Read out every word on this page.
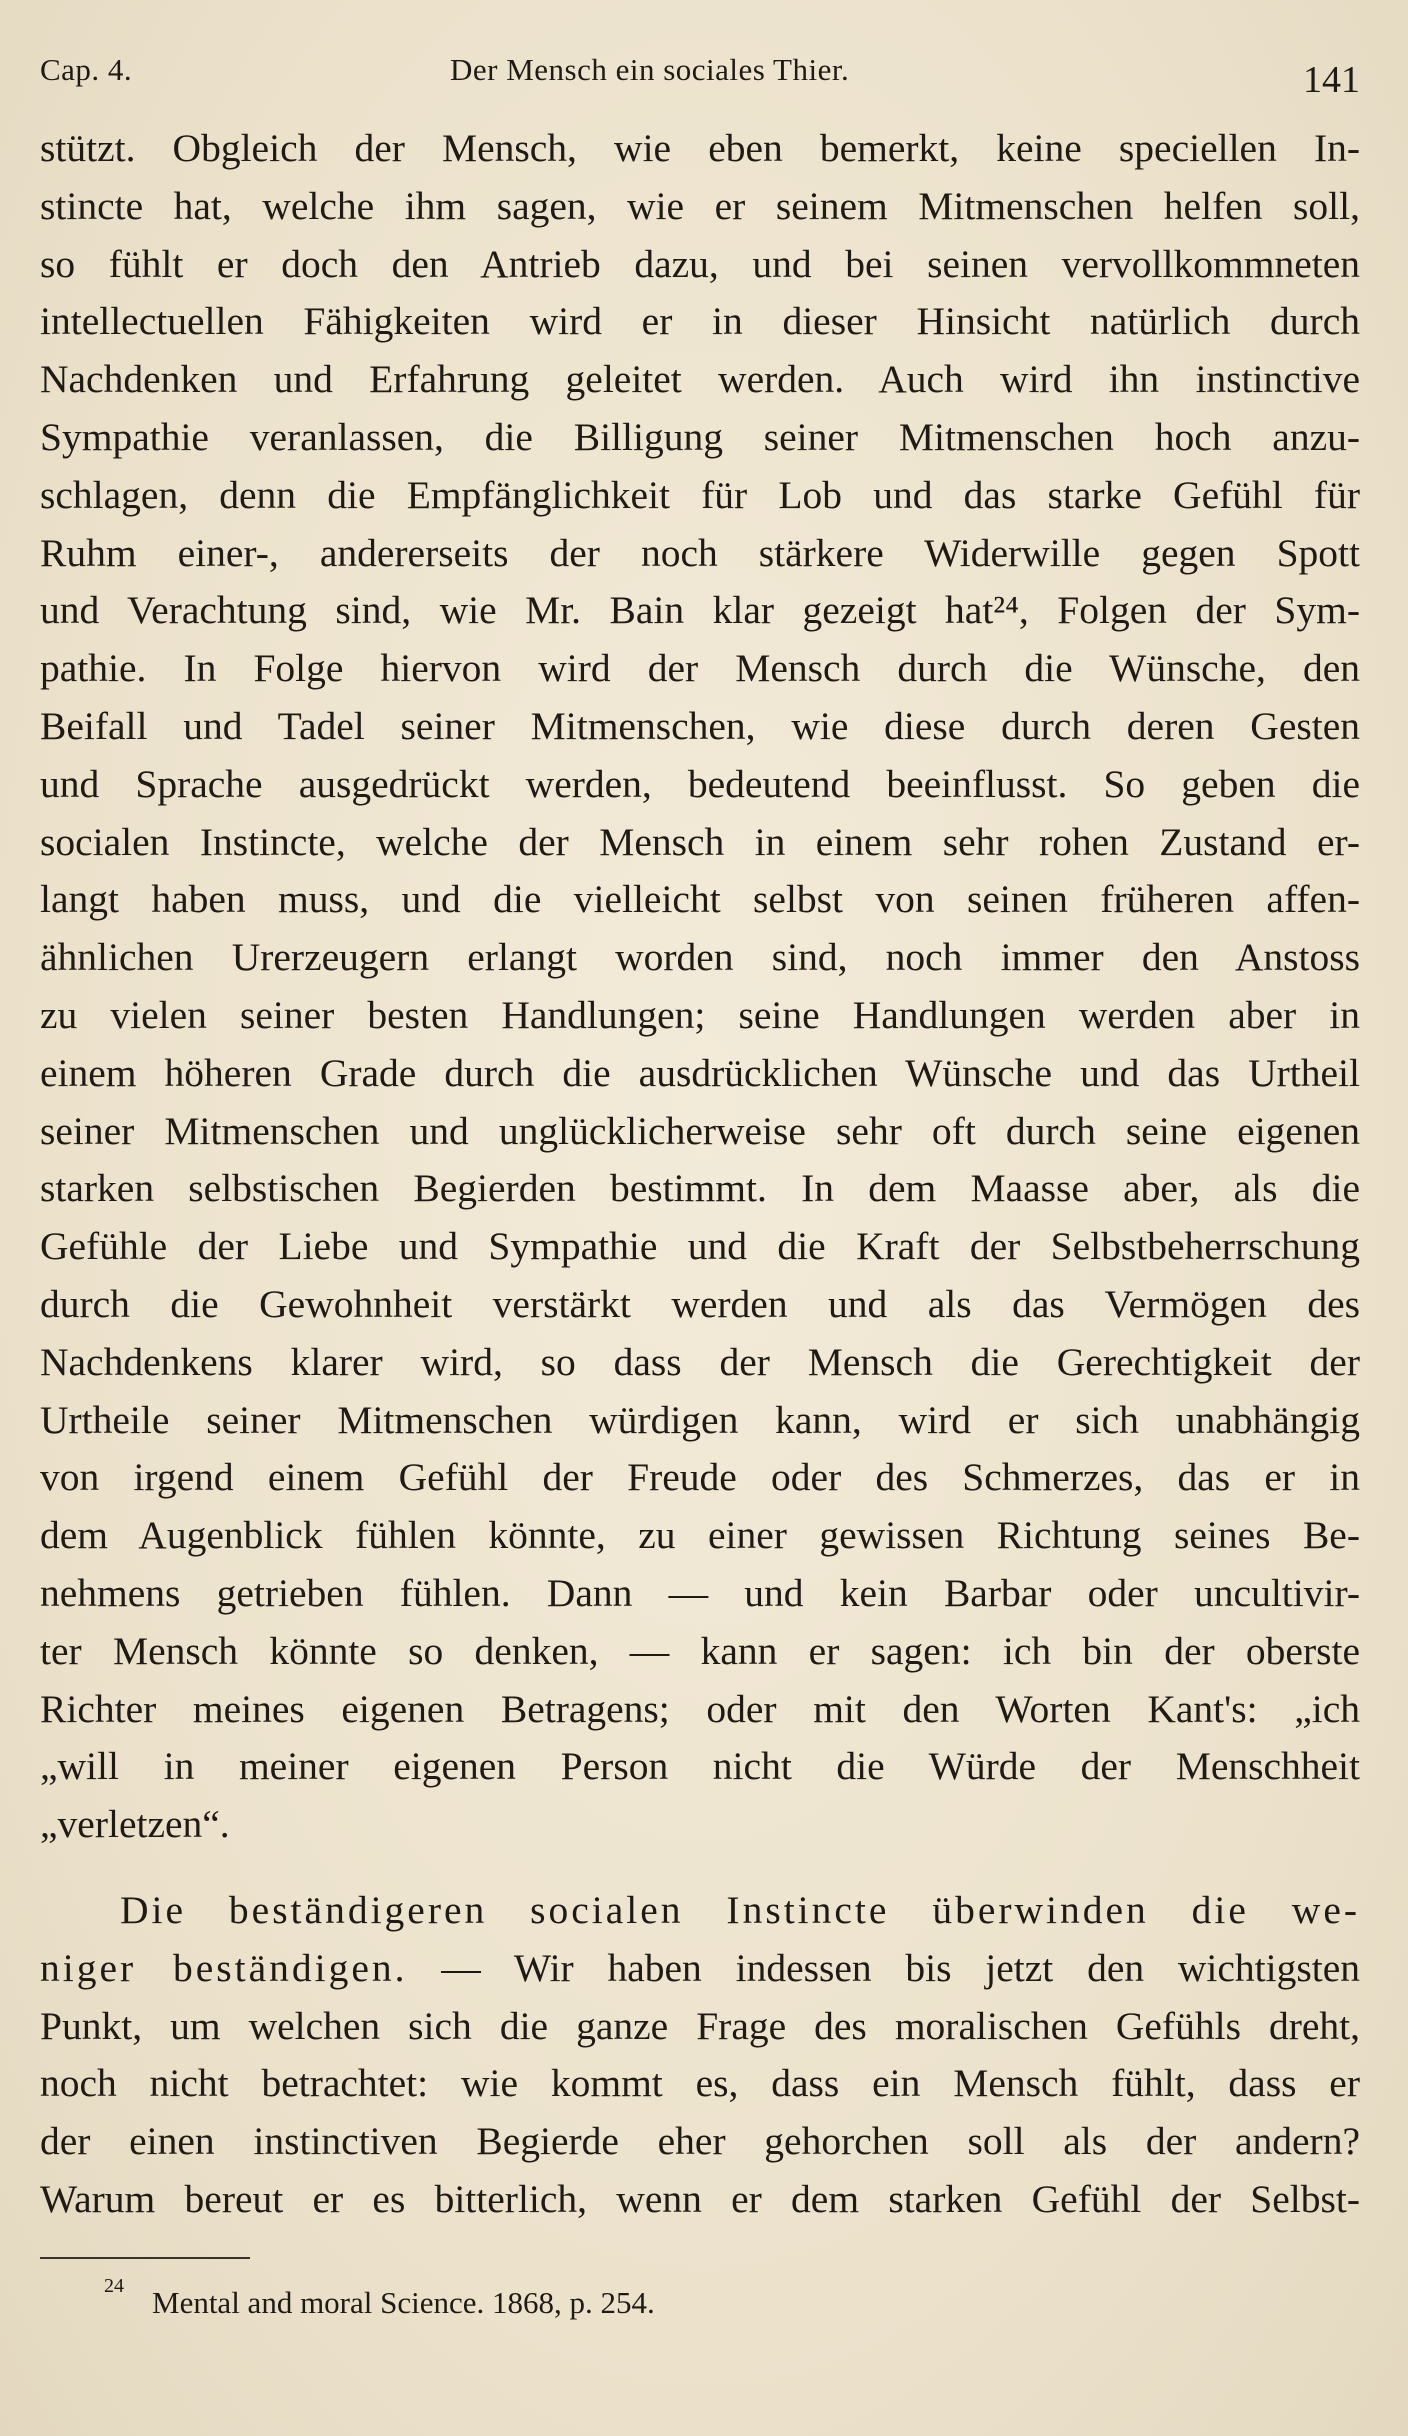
Cap. 4.	Der Mensch ein sociales Thier.	141

stützt. Obgleich der Mensch, wie eben bemerkt, keine speciellen In-
stincte hat, welche ihm sagen, wie er seinem Mitmenschen helfen soll,
so fühlt er doch den Antrieb dazu, und bei seinen vervollkommneten
intellectuellen Fähigkeiten wird er in dieser Hinsicht natürlich durch
Nachdenken und Erfahrung geleitet werden. Auch wird ihn instinctive
Sympathie veranlassen, die Billigung seiner Mitmenschen hoch anzu-
schlagen, denn die Empfänglichkeit für Lob und das starke Gefühl für
Ruhm einer-, andererseits der noch stärkere Widerwille gegen Spott
und Verachtung sind, wie Mr. Bain klar gezeigt hat²⁴, Folgen der Sym-
pathie. In Folge hiervon wird der Mensch durch die Wünsche, den
Beifall und Tadel seiner Mitmenschen, wie diese durch deren Gesten
und Sprache ausgedrückt werden, bedeutend beeinflusst. So geben die
socialen Instincte, welche der Mensch in einem sehr rohen Zustand er-
langt haben muss, und die vielleicht selbst von seinen früheren affen-
ähnlichen Urerzeugern erlangt worden sind, noch immer den Anstoss
zu vielen seiner besten Handlungen; seine Handlungen werden aber in
einem höheren Grade durch die ausdrücklichen Wünsche und das Urtheil
seiner Mitmenschen und unglücklicherweise sehr oft durch seine eigenen
starken selbstischen Begierden bestimmt. In dem Maasse aber, als die
Gefühle der Liebe und Sympathie und die Kraft der Selbstbeherrschung
durch die Gewohnheit verstärkt werden und als das Vermögen des
Nachdenkens klarer wird, so dass der Mensch die Gerechtigkeit der
Urtheile seiner Mitmenschen würdigen kann, wird er sich unabhängig
von irgend einem Gefühl der Freude oder des Schmerzes, das er in
dem Augenblick fühlen könnte, zu einer gewissen Richtung seines Be-
nehmens getrieben fühlen. Dann — und kein Barbar oder uncultivir-
ter Mensch könnte so denken, — kann er sagen: ich bin der oberste
Richter meines eigenen Betragens; oder mit den Worten Kant's: „ich
„will in meiner eigenen Person nicht die Würde der Menschheit
„verletzen“.

Die beständigeren socialen Instincte überwinden die we-
niger beständigen. — Wir haben indessen bis jetzt den wichtigsten
Punkt, um welchen sich die ganze Frage des moralischen Gefühls dreht,
noch nicht betrachtet: wie kommt es, dass ein Mensch fühlt, dass er
der einen instinctiven Begierde eher gehorchen soll als der andern?
Warum bereut er es bitterlich, wenn er dem starken Gefühl der Selbst-

24 Mental and moral Science. 1868, p. 254.
